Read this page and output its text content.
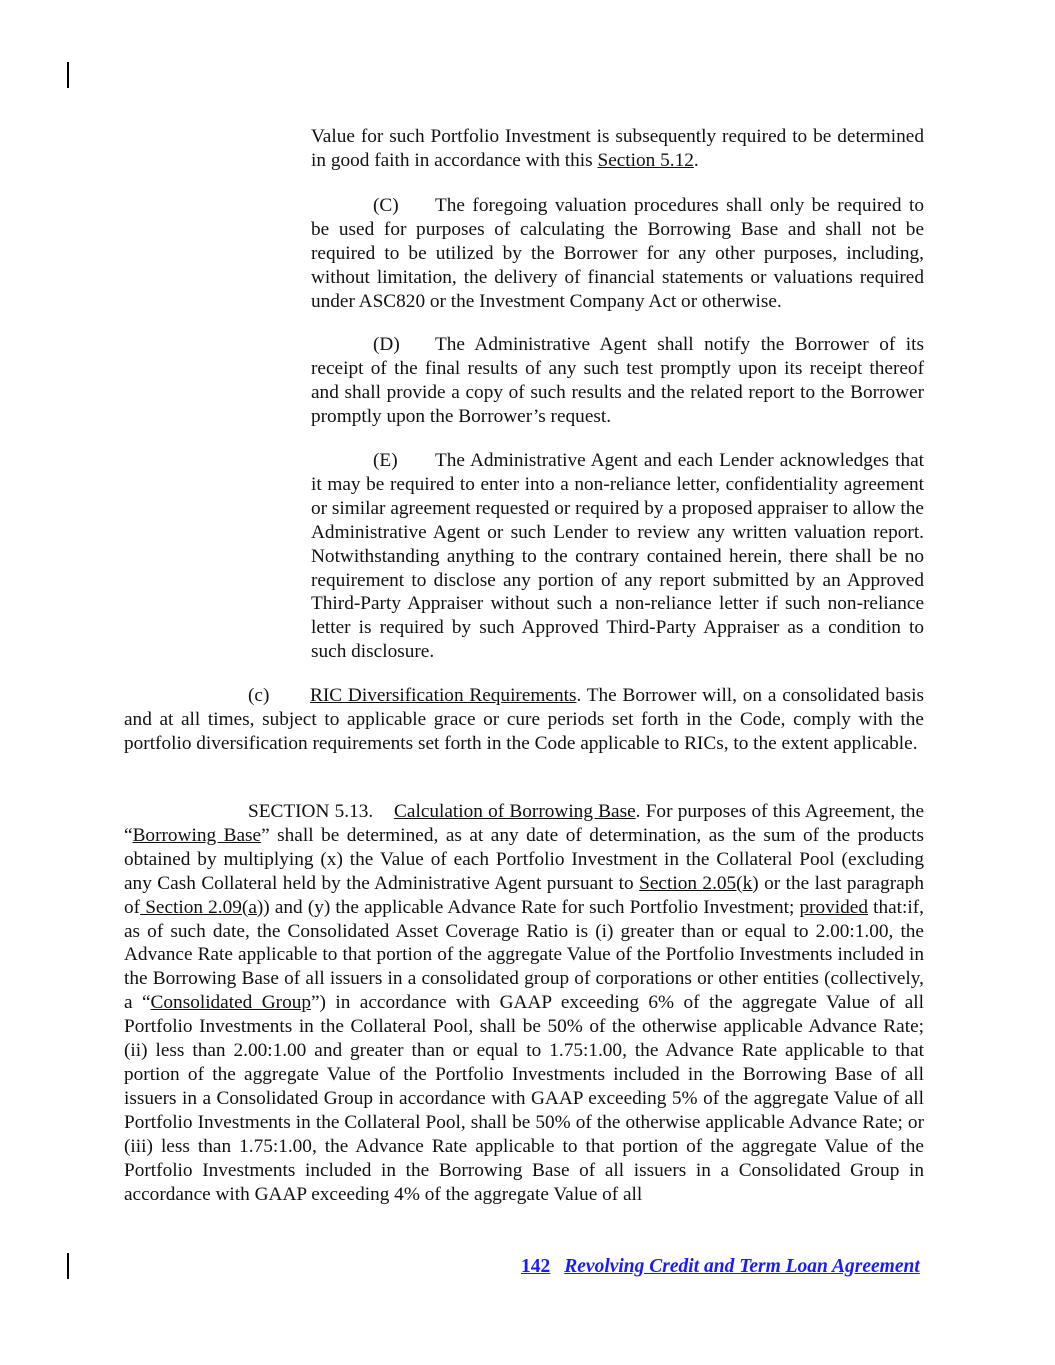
Value for such Portfolio Investment is subsequently required to be determined in good faith in accordance with this Section 5.12.

(C) The foregoing valuation procedures shall only be required to be used for purposes of calculating the Borrowing Base and shall not be required to be utilized by the Borrower for any other purposes, including, without limitation, the delivery of financial statements or valuations required under ASC820 or the Investment Company Act or otherwise.

(D) The Administrative Agent shall notify the Borrower of its receipt of the final results of any such test promptly upon its receipt thereof and shall provide a copy of such results and the related report to the Borrower promptly upon the Borrower’s request.

(E) The Administrative Agent and each Lender acknowledges that it may be required to enter into a non-reliance letter, confidentiality agreement or similar agreement requested or required by a proposed appraiser to allow the Administrative Agent or such Lender to review any written valuation report. Notwithstanding anything to the contrary contained herein, there shall be no requirement to disclose any portion of any report submitted by an Approved Third-Party Appraiser without such a non-reliance letter if such non-reliance letter is required by such Approved Third-Party Appraiser as a condition to such disclosure.

(c) RIC Diversification Requirements. The Borrower will, on a consolidated basis and at all times, subject to applicable grace or cure periods set forth in the Code, comply with the portfolio diversification requirements set forth in the Code applicable to RICs, to the extent applicable.

SECTION 5.13. Calculation of Borrowing Base. For purposes of this Agreement, the “Borrowing Base” shall be determined, as at any date of determination, as the sum of the products obtained by multiplying (x) the Value of each Portfolio Investment in the Collateral Pool (excluding any Cash Collateral held by the Administrative Agent pursuant to Section 2.05(k) or the last paragraph of Section 2.09(a)) and (y) the applicable Advance Rate for such Portfolio Investment; provided that:if, as of such date, the Consolidated Asset Coverage Ratio is (i) greater than or equal to 2.00:1.00, the Advance Rate applicable to that portion of the aggregate Value of the Portfolio Investments included in the Borrowing Base of all issuers in a consolidated group of corporations or other entities (collectively, a “Consolidated Group”) in accordance with GAAP exceeding 6% of the aggregate Value of all Portfolio Investments in the Collateral Pool, shall be 50% of the otherwise applicable Advance Rate; (ii) less than 2.00:1.00 and greater than or equal to 1.75:1.00, the Advance Rate applicable to that portion of the aggregate Value of the Portfolio Investments included in the Borrowing Base of all issuers in a Consolidated Group in accordance with GAAP exceeding 5% of the aggregate Value of all Portfolio Investments in the Collateral Pool, shall be 50% of the otherwise applicable Advance Rate; or (iii) less than 1.75:1.00, the Advance Rate applicable to that portion of the aggregate Value of the Portfolio Investments included in the Borrowing Base of all issuers in a Consolidated Group in accordance with GAAP exceeding 4% of the aggregate Value of all

142 Revolving Credit and Term Loan Agreement
